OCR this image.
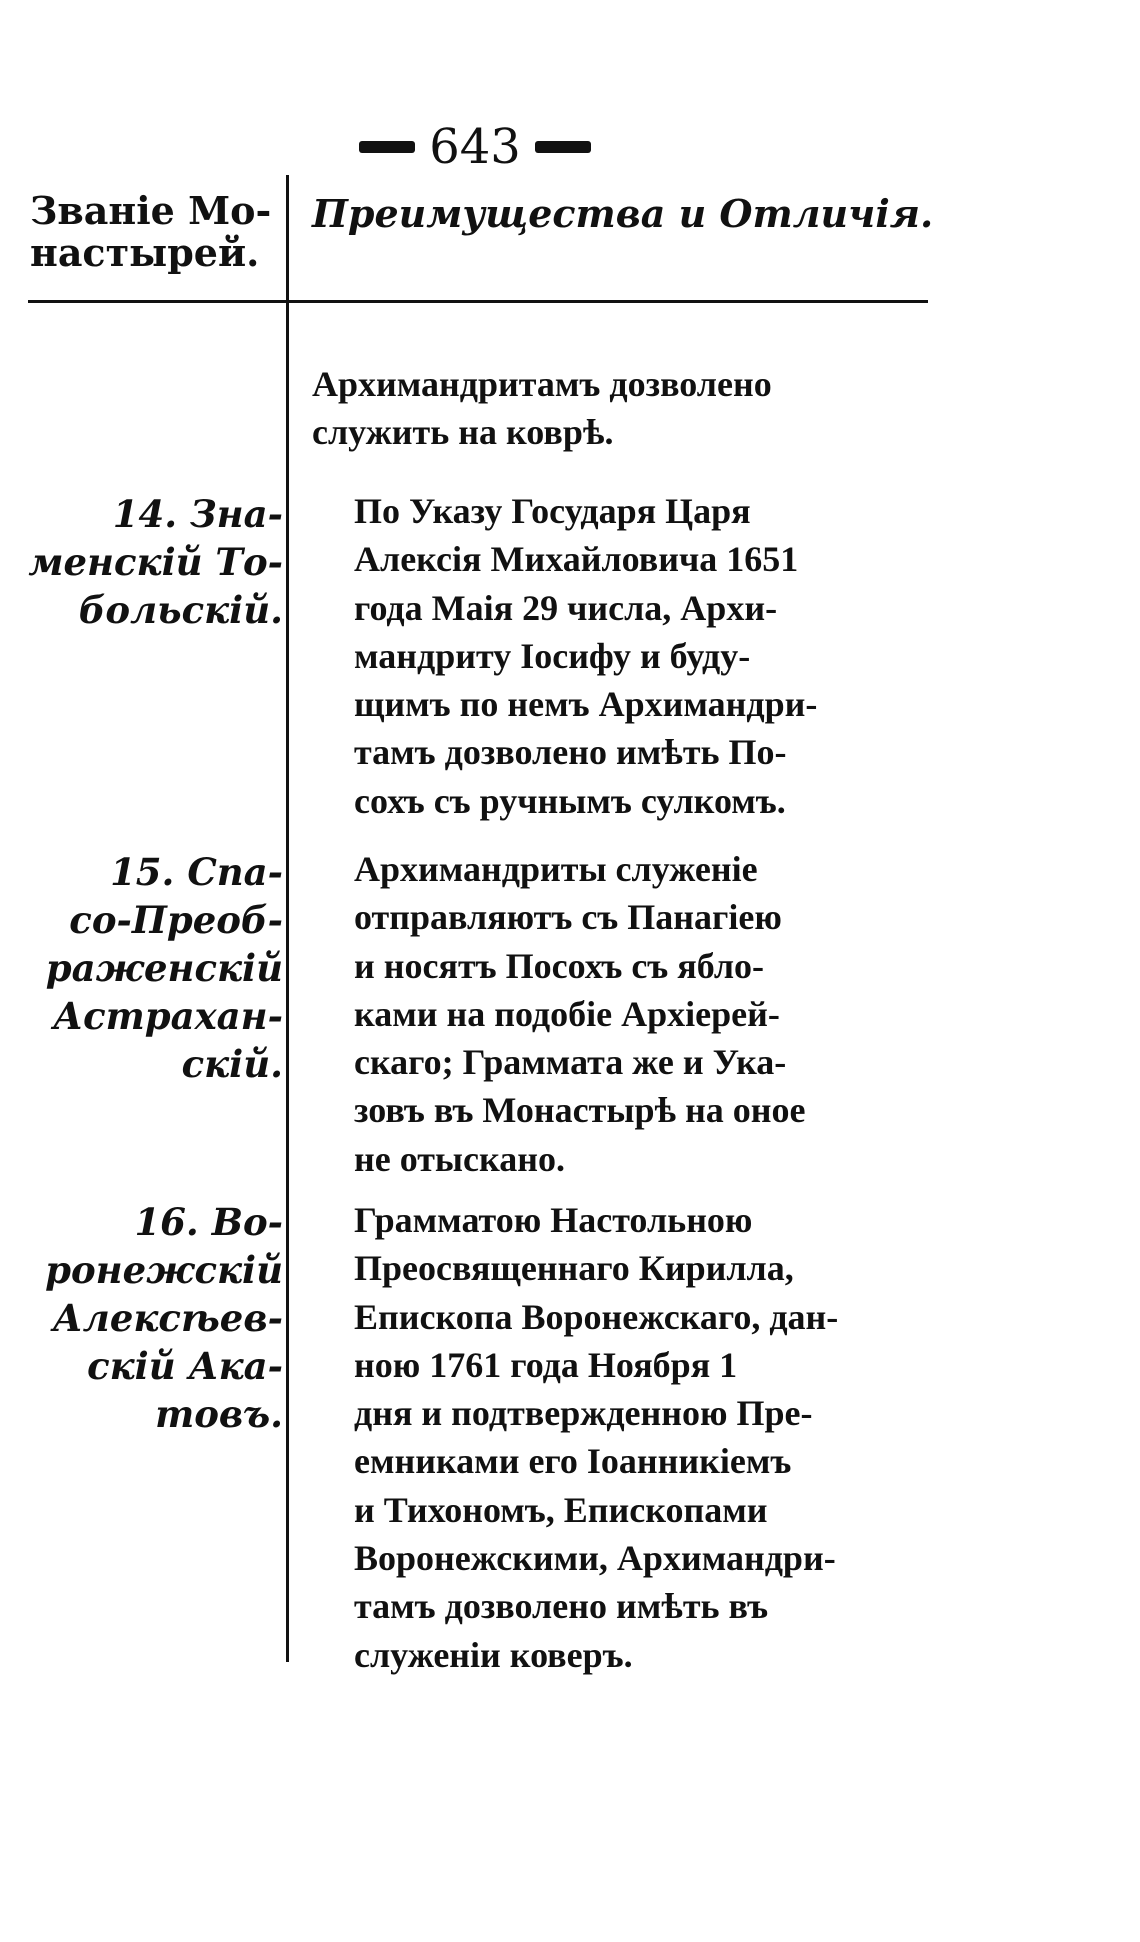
643
Званіе Мо-
настырей.
Преимущества и Отличія.
Архимандритамъ дозволено
служить на коврѣ.
14. Зна-
менскій То-
больскій.
По Указу Государя Царя
Алексія Михайловича 1651
года Маія 29 числа, Архи-
мандриту Іосифу и буду-
щимъ по немъ Архимандри-
тамъ дозволено имѣть По-
сохъ съ ручнымъ сулкомъ.
15. Спа-
со-Преоб-
раженскій
Астрахан-
скій.
Архимандриты служеніе
отправляютъ съ Панагіею
и носятъ Посохъ съ ябло-
ками на подобіе Архіерей-
скаго; Граммата же и Ука-
зовъ въ Монастырѣ на оное
не отыскано.
16. Во-
ронежскій
Алексѣев-
скій Ака-
товъ.
Грамматою Настольною
Преосвященнаго Кирилла,
Епископа Воронежскаго, дан-
ною 1761 года Ноября 1
дня и подтвержденною Пре-
емниками его Іоанникіемъ
и Тихономъ, Епископами
Воронежскими, Архимандри-
тамъ дозволено имѣть въ
служеніи коверъ.
